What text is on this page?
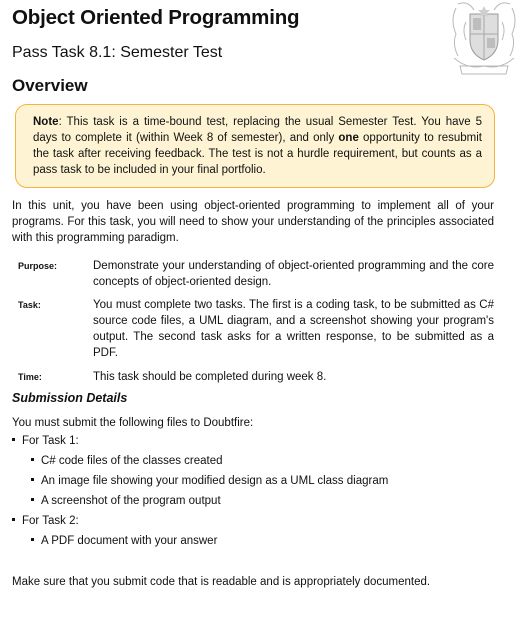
Object Oriented Programming
Pass Task 8.1: Semester Test
Overview

Note: This task is a time-bound test, replacing the usual Semester Test. You have 5 days to complete it (within Week 8 of semester), and only one opportunity to resubmit the task after receiving feedback. The test is not a hurdle requirement, but counts as a pass task to be included in your final portfolio.

In this unit, you have been using object-oriented programming to implement all of your programs. For this task, you will need to show your understanding of the principles associated with this programming paradigm.
Purpose:	Demonstrate your understanding of object-oriented programming and the core concepts of object-oriented design.
Task:	You must complete two tasks. The first is a coding task, to be submitted as C# source code files, a UML diagram, and a screenshot showing your program's output. The second task asks for a written response, to be submitted as a PDF.
Time:	This task should be completed during week 8.
Submission Details
You must submit the following files to Doubtfire:
For Task 1:
C# code files of the classes created
An image file showing your modified design as a UML class diagram
A screenshot of the program output
For Task 2:
A PDF document with your answer
Make sure that you submit code that is readable and is appropriately documented.
